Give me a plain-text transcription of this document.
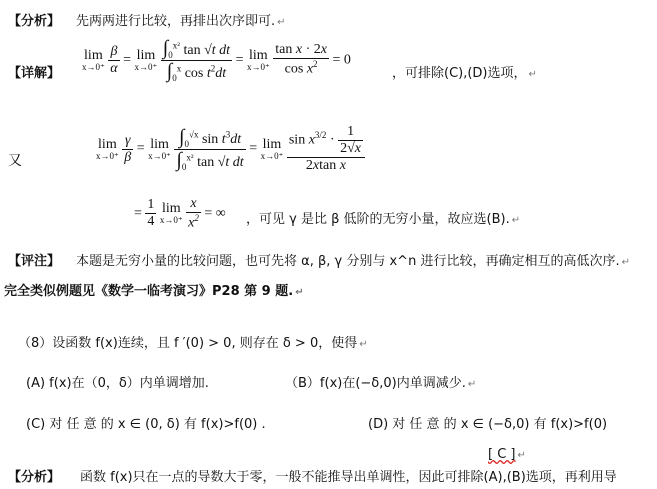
【分析】 先两两进行比较，再排出次序即可. ↵
【详解】
lim
x→0⁺
$\frac{\beta}{\alpha} = \lim$
x→0⁺
$\frac{\int_0^{x^2} \tan √t dt}{\int_0^x \cos t^2dt} = \lim$
x→0⁺
$\frac{\text{tan x · 2x}}{\cos x^2} = 0$
，可排除(C),(D)选项， ↵
又
lim
x→0⁺
$\frac{\gamma}{\beta} = \lim$
x→0⁺
$\frac{\int_0^{√x} \sin t^3dt}{\int_0^{x^2} \tan √t dt} = \lim$
x→0⁺
$\frac{\sin x^{3/2} \cdot \frac{1}{2√x}}{\text{2xtan x}}$
= $\frac{1}{4}$ lim
x→0⁺
$\frac{x}{x^2}$ = ∞ ，可见 γ 是比 β 低阶的无穷小量，故应选(B). ↵
【评注】 本题是无穷小量的比较问题，也可先将 α, β, γ 分别与 x^n 进行比较，再确定相互的高低次序. ↵
完全类似例题见《数学一临考演习》P28 第 9 题. ↵
（8）设函数 f(x)连续，且 f ′(0) > 0, 则存在 δ > 0，使得 ↵
(A) f(x)在（0，δ）内单调增加.	（B）f(x)在(−δ,0)内单调减少. ↵
(C) 对 任 意 的 x ∈ (0, δ) 有 f(x)>f(0) .	(D) 对 任 意 的 x ∈ (−δ,0) 有 f(x)>f(0)
[ C ] ↵
【分析】 函数 f(x)只在一点的导数大于零，一般不能推导出单调性，因此可排除(A),(B)选项，再利用导
